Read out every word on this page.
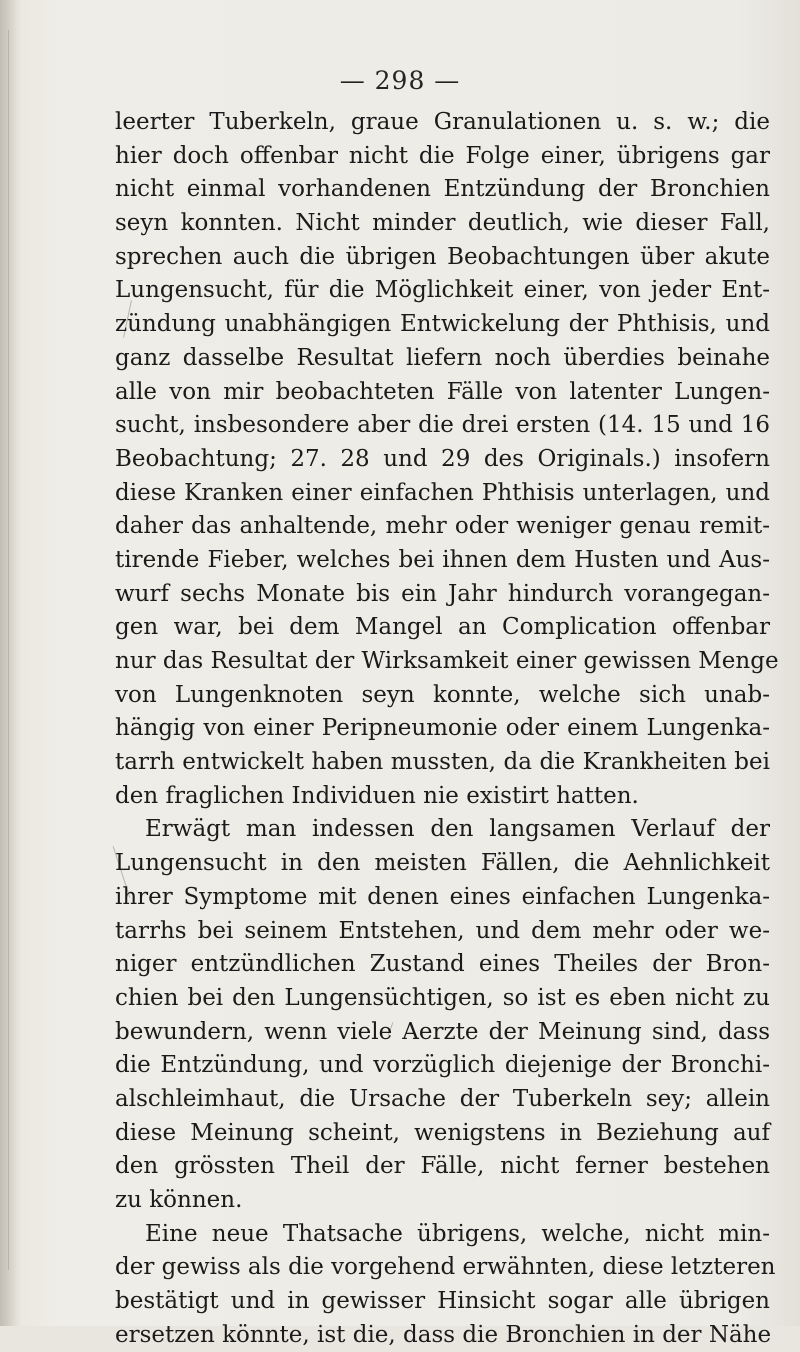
— 298 —
leerter Tuberkeln, graue Granulationen u. s. w.; die
hier doch offenbar nicht die Folge einer, übrigens gar
nicht einmal vorhandenen Entzündung der Bronchien
seyn konnten. Nicht minder deutlich, wie dieser Fall,
sprechen auch die übrigen Beobachtungen über akute
Lungensucht, für die Möglichkeit einer, von jeder Ent-
zündung unabhängigen Entwickelung der Phthisis, und
ganz dasselbe Resultat liefern noch überdies beinahe
alle von mir beobachteten Fälle von latenter Lungen-
sucht, insbesondere aber die drei ersten (14. 15 und 16
Beobachtung; 27. 28 und 29 des Originals.) insofern
diese Kranken einer einfachen Phthisis unterlagen, und
daher das anhaltende, mehr oder weniger genau remit-
tirende Fieber, welches bei ihnen dem Husten und Aus-
wurf sechs Monate bis ein Jahr hindurch vorangegan-
gen war, bei dem Mangel an Complication offenbar
nur das Resultat der Wirksamkeit einer gewissen Menge
von Lungenknoten seyn konnte, welche sich unab-
hängig von einer Peripneumonie oder einem Lungenka-
tarrh entwickelt haben mussten, da die Krankheiten bei
den fraglichen Individuen nie existirt hatten.
Erwägt man indessen den langsamen Verlauf der
Lungensucht in den meisten Fällen, die Aehnlichkeit
ihrer Symptome mit denen eines einfachen Lungenka-
tarrhs bei seinem Entstehen, und dem mehr oder we-
niger entzündlichen Zustand eines Theiles der Bron-
chien bei den Lungensüchtigen, so ist es eben nicht zu
bewundern, wenn viele Aerzte der Meinung sind, dass
die Entzündung, und vorzüglich diejenige der Bronchi-
alschleimhaut, die Ursache der Tuberkeln sey; allein
diese Meinung scheint, wenigstens in Beziehung auf
den grössten Theil der Fälle, nicht ferner bestehen
zu können.
Eine neue Thatsache übrigens, welche, nicht min-
der gewiss als die vorgehend erwähnten, diese letzteren
bestätigt und in gewisser Hinsicht sogar alle übrigen
ersetzen könnte, ist die, dass die Bronchien in der Nähe
